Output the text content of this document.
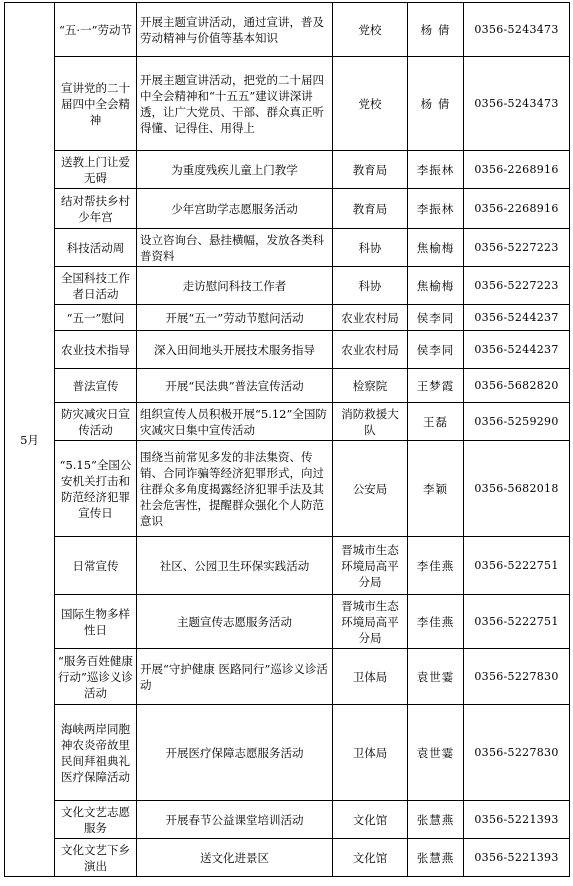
5月	“五·一”劳动节	开展主题宣讲活动，通过宣讲，普及劳动精神与价值等基本知识	党校	杨 倩	0356-5243473
	宣讲党的二十届四中全会精神	开展主题宣讲活动，把党的二十届四中全会精神和“十五五”建议讲深讲透，让广大党员、干部、群众真正听得懂、记得住、用得上	党校	杨 倩	0356-5243473
	送教上门让爱无碍	为重度残疾儿童上门教学	教育局	李振林	0356-2268916
	结对帮扶乡村少年宫	少年宫助学志愿服务活动	教育局	李振林	0356-2268916
	科技活动周	设立咨询台、悬挂横幅，发放各类科普资料	科协	焦榆梅	0356-5227223
	全国科技工作者日活动	走访慰问科技工作者	科协	焦榆梅	0356-5227223
	“五一”慰问	开展“五一”劳动节慰问活动	农业农村局	侯李同	0356-5244237
	农业技术指导	深入田间地头开展技术服务指导	农业农村局	侯李同	0356-5244237
	普法宣传	开展“民法典”普法宣传活动	检察院	王梦霞	0356-5682820
	防灾减灾日宣传活动	组织宣传人员积极开展“5.12”全国防灾减灾日集中宣传活动	消防救援大队	王磊	0356-5259290
	“5.15”全国公安机关打击和防范经济犯罪宣传日	围绕当前常见多发的非法集资、传销、合同诈骗等经济犯罪形式，向过往群众多角度揭露经济犯罪手法及其社会危害性，提醒群众强化个人防范意识	公安局	李颖	0356-5682018
	日常宣传	社区、公园卫生环保实践活动	晋城市生态环境局高平分局	李佳燕	0356-5222751
	国际生物多样性日	主题宣传志愿服务活动	晋城市生态环境局高平分局	李佳燕	0356-5222751
	“服务百姓健康行动”巡诊义诊活动	开展“守护健康 医路同行”巡诊义诊活动	卫体局	袁世霎	0356-5227830
	海峡两岸同胞神农炎帝故里民间拜祖典礼医疗保障活动	开展医疗保障志愿服务活动	卫体局	袁世霎	0356-5227830
	文化文艺志愿服务	开展春节公益课堂培训活动	文化馆	张慧燕	0356-5221393
	文化文艺下乡演出	送文化进景区	文化馆	张慧燕	0356-5221393
